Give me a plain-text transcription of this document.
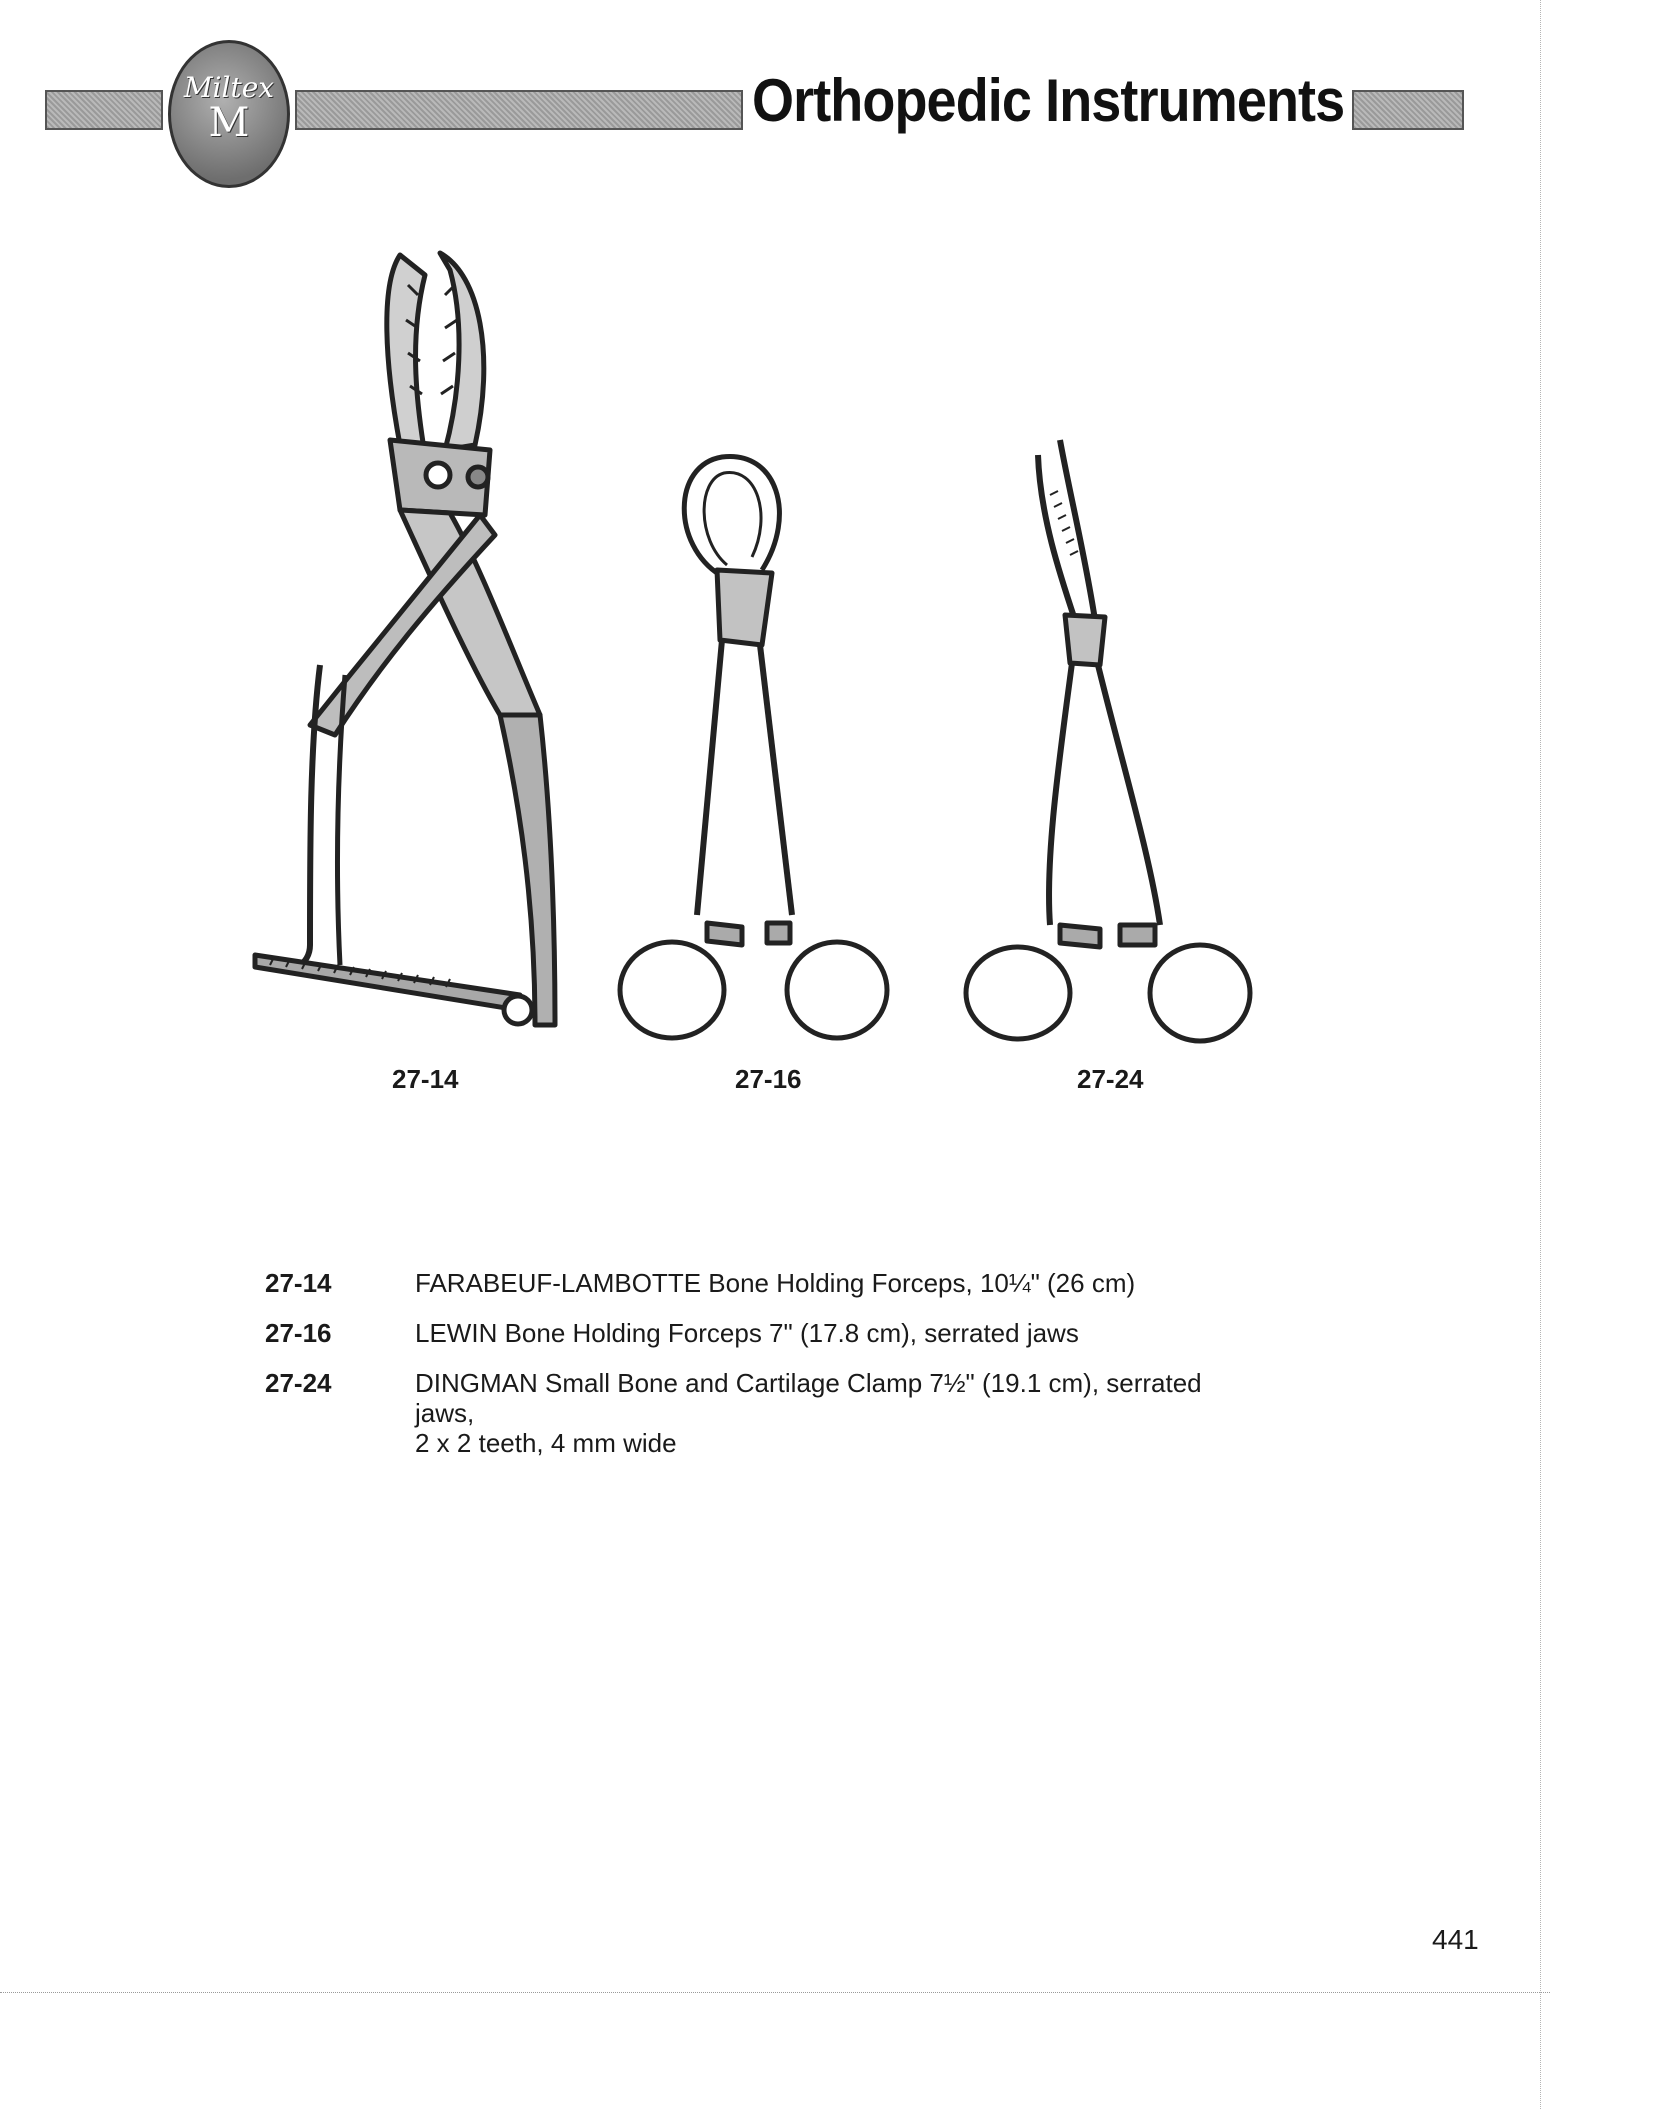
Miltex
M	Orthopedic Instruments
27-14	27-16	27-24
27-14	FARABEUF-LAMBOTTE Bone Holding Forceps, 10¼" (26 cm)
27-16	LEWIN Bone Holding Forceps 7" (17.8 cm), serrated jaws
27-24	DINGMAN Small Bone and Cartilage Clamp 7½" (19.1 cm), serrated jaws,
2 x 2 teeth, 4 mm wide
441
